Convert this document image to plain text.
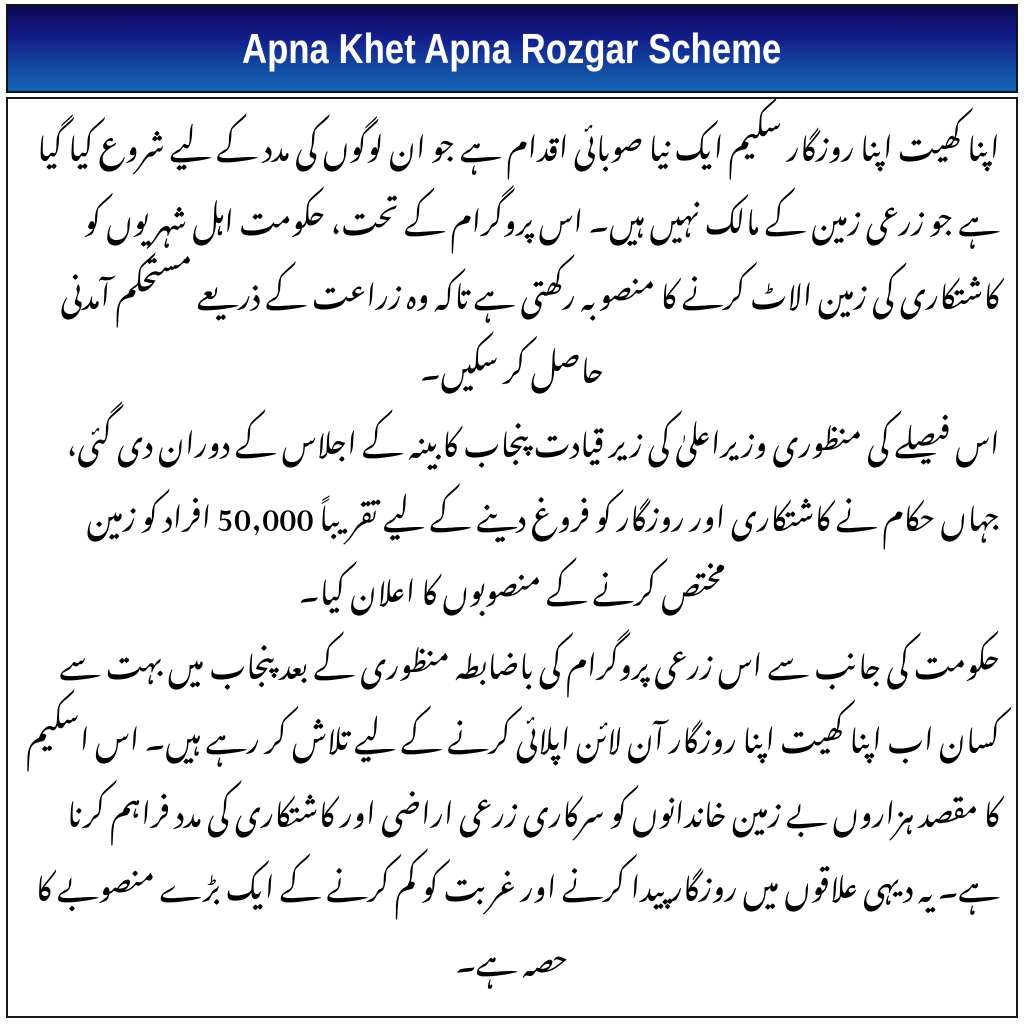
Apna Khet Apna Rozgar Scheme
اپنا کھیت اپنا روزگار سکیم ایک نیا صوبائی اقدام ہے جو ان لوگوں کی مدد کے لیے شروع کیا گیا
ہے جو زرعی زمین کے مالک نہیں ہیں۔ اس پروگرام کے تحت، حکومت اہل شہریوں کو
کاشتکاری کی زمین الاٹ کرنے کا منصوبہ رکھتی ہے تاکہ وہ زراعت کے ذریعے مستحکم آمدنی
حاصل کر سکیں۔
اس فیصلے کی منظوری وزیراعلیٰ کی زیر قیادت پنجاب کابینہ کے اجلاس کے دوران دی گئی،
جہاں حکام نے کاشتکاری اور روزگار کو فروغ دینے کے لیے تقریباً 50,000 افراد کو زمین
مختص کرنے کے منصوبوں کا اعلان کیا۔
حکومت کی جانب سے اس زرعی پروگرام کی باضابطہ منظوری کے بعد پنجاب میں بہت سے
کسان اب اپنا کھیت اپنا روزگار آن لائن اپلائی کرنے کے لیے تلاش کر رہے ہیں۔ اس اسکیم
کا مقصد ہزاروں بے زمین خاندانوں کو سرکاری زرعی اراضی اور کاشتکاری کی مدد فراہم کرنا
ہے۔ یہ دیہی علاقوں میں روزگار پیدا کرنے اور غربت کو کم کرنے کے ایک بڑے منصوبے کا
حصہ ہے۔
